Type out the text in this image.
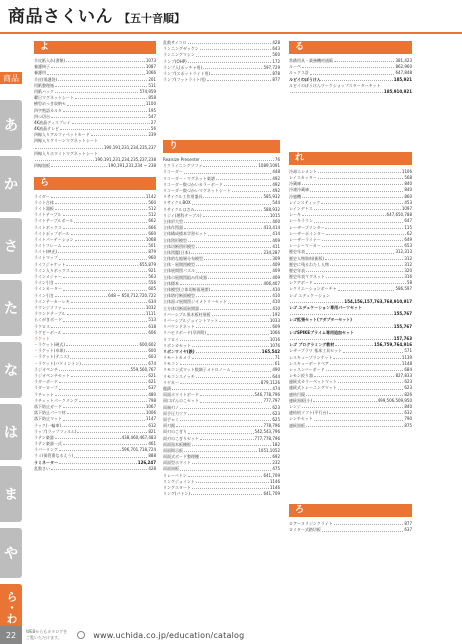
商品さくいん 【五十音順】
商品
あ
か
さ
た
な
は
ま
や
ら・わ
22
よ
羊皮紙入れ(書類)	1073
養護椅子	1087
養護用	1066
羊皮(保護袋)	201
用紙整理箱	511
用紙ハック	574,959
曜日マグネットシート	858
横型めっき収納セ	1100
四字熟語カルタ	195
四つ切台	547
4K液晶ディスプレイ	27
4K液晶テレビ	56
四線入りアルファベットカード	239
四線入りグリーンマグネットシート
190,191,231,234,235,237
四線入りホワイトマグネットシート
190,191,231,234,235,237,238
四線黒板	190,191,231,234 ~ 238
ら
ライダー	1142
ライト合体	560
ライト器板	512
ライトテーブル	512
ライトテーブルボール	662
ライトボックス	666
ライトポップボール	660
ライトパーテーション	1068
ライトフレーム	501
ライト(映光)	879
ライトマップ	960
ライフジャケット	655,879
ライン入りボックス	921
ラインメジャー	563
ライン引き	556
ラインカーター	605
ライン引き	648 ~ 650,712,720,722
ラインテーカーレキ	634
ラウンジソファ	1032
ラウンドテーブル	1111
らくがきボード	513
ラクロス	618
ラグビーボール	606
ラケット
・ラケット(硬式)	600,602
・ラケット(卓球)	600
・ラケット(テニス)	603
・ラケット(バドミントン)	674
ラジオペンチ	559,560,767
ラジオペンチセット	621
ラダーボード	621
ラダーロープ	637
ラチェット	480
ラチェットパークリング	798
落下防止ガード	1067
落下防止パーツ材	1006
落下防止マット	1147
ラック(一輪車)	612
ラップ(ラップフィルム)	821
ラテン楽器	438,460,467,483
ラテン楽器一式	461
ラバーリング	596,701,718,724
ラミ(保管番なるえう)	888
ラミネーター	126,247
乱数さい	428
乱数サイコロ	428
ランニングゼッケン	643
ランニングマシン	560
ランプ(OHP)	172
ランプ入(ポッチャ用)	597,729
ランプ(スポットライト用)	878
ランプ(フットライト用)	877
り
Realsize Presenter	76
リクライニングソファ	1089,1091
リコーダー	448
リコーダー・マグネット楽譜	492
リコーダー数づかいカラーボード	492
リコーダー数づかいマグネットシート	492
リサイクル工作用器具	585,932
リサイクルBOX	544
リサイクルはさみ	588,932
リジイ(理科テーブル)	1015
立体形大型	400
立体作図器	413,414
立体構成標本学習セット	414
立体図形模型	409
立体切断図形模型	411
立体図鑑(日本)	234,287
立体的な地層分布模型	309
立体・展開図模型	409
立体展開図パズル	409
立体の展開図組み作成器	409
立体標本	406,407
立体模型(立体切断面展開)	410
立体塔付断面模型	410
立体面ゴ展開図ジオメトリーセット	410
立方体切断面展開器	410
リバーシブル黒木板柱展板	192
リバーシブルジョイントマット	1033
リバウンドネット	609
リハビリボード(早四附)	1066
リフロイ	1016
リボンカセット	1076
リボンワイヤ(鉄)	165,542
リモートカメラ	71
リモコン	61
リモコン式ワット数調子メトロノーム	490
リモコンスイッチ	644
リヤカー	879,1126
龍鎖	474
両面ホワイトボード	546,778,796
両口げんのこセット	777,797
両端刃ノ	623
両手圧力ツク	623
両手ゃく	625
両刃鋸	778,796
両刃のこぎり	542,543,796
両刃のこぎりセット	777,778,796
両面黒木板棚板	182
両面掲示板	1051,1052
両面式ボード整理棚	692
両面型ホワイト	232
両面黒板	475
リレーバトン	641,709
リングジョイント	1146
リングスタート	1146
リング(バトン)	641,709
る
常備用具・業務機材通販	381,423
ルーペ	862,960
ルックス計	647,848
ルビイのぼうけん	185,921
ルビイのぼうけんワークショップスターターキット
185,910,921
れ
冷却エレメント	1106
レイスカッター	568
冷蔵庫	840
冷凍冷蔵庫	840
冷風機	860
レインスティック	453
レインデトス	1097
レーキ	647,650,788
レーキラウン	647
レーザーブリンター	115
レーザーポインター	62
レーザーライナー	649
レーシーマーカー	653
歴史年表	312,313
歴史人物資料(新版)	312
歴史に残るわたし人物	312
歴史年表	320
歴史年表マグネット	316
レクアボード	58
レクリエーションボーチャ	586,597
レゴ エデュケーション
154,156,157,763,768,910,917
レゴ エデュケーション専用パーツセット
155,767
レゴ拡張セット(アダプターセット)
155,767
レゴSPIKEプライム専用追加セット
157,763
レゴ プログラミング教材	156,759,764,916
レザーブラワ 基本工具セット	571
レスキューブランケット	1139
レスキューボードベア	1148
レッスンバーボード	684
レモン絞り器	827,833
連続式カラーペットマット	623
連続式トレーニングマット	623
連結円鏡	826
連続黒板(小)	499,506,509,950
レンジ	840
連結机ソフト(平行台)	632
レンチセット	790
連続黒板	875
ろ
ロアーヌリジンクライト	877
ロイター式踏切板	637
WEBからもカタログを
ご覧いただけます。	www.uchida.co.jp/education/catalog
